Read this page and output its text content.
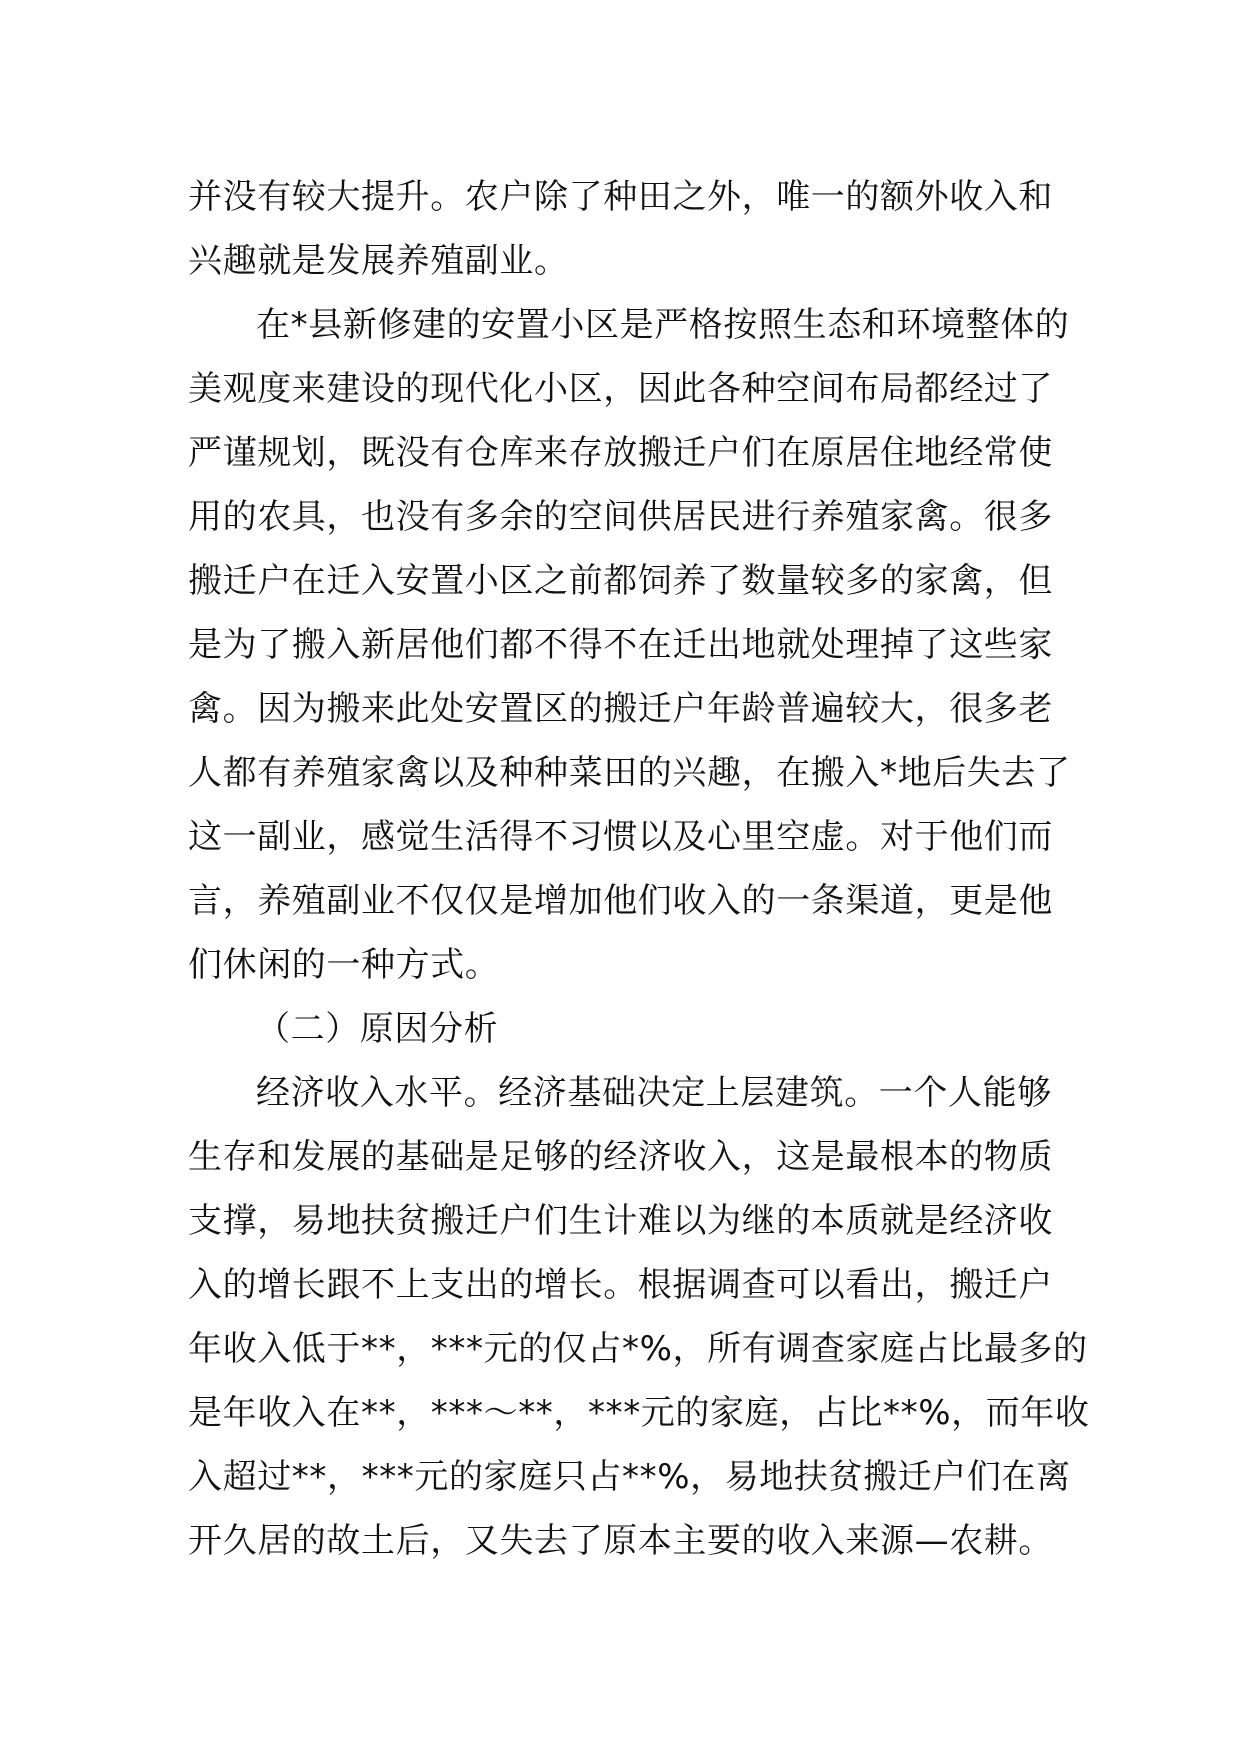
并没有较大提升。农户除了种田之外，唯一的额外收入和
兴趣就是发展养殖副业。
在*县新修建的安置小区是严格按照生态和环境整体的
美观度来建设的现代化小区，因此各种空间布局都经过了
严谨规划，既没有仓库来存放搬迁户们在原居住地经常使
用的农具，也没有多余的空间供居民进行养殖家禽。很多
搬迁户在迁入安置小区之前都饲养了数量较多的家禽，但
是为了搬入新居他们都不得不在迁出地就处理掉了这些家
禽。因为搬来此处安置区的搬迁户年龄普遍较大，很多老
人都有养殖家禽以及种种菜田的兴趣，在搬入*地后失去了
这一副业，感觉生活得不习惯以及心里空虚。对于他们而
言，养殖副业不仅仅是增加他们收入的一条渠道，更是他
们休闲的一种方式。
（二）原因分析
经济收入水平。经济基础决定上层建筑。一个人能够
生存和发展的基础是足够的经济收入，这是最根本的物质
支撑，易地扶贫搬迁户们生计难以为继的本质就是经济收
入的增长跟不上支出的增长。根据调查可以看出，搬迁户
年收入低于**，***元的仅占*%，所有调查家庭占比最多的
是年收入在**，***～**，***元的家庭，占比**%，而年收
入超过**，***元的家庭只占**%，易地扶贫搬迁户们在离
开久居的故土后，又失去了原本主要的收入来源—农耕。
